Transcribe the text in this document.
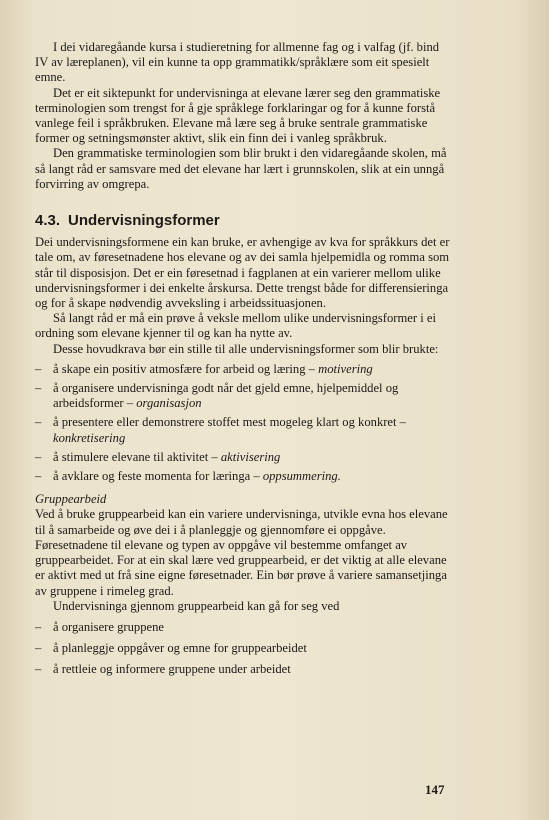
I dei vidaregåande kursa i studieretning for allmenne fag og i valfag (jf. bind IV av læreplanen), vil ein kunne ta opp grammatikk/språklære som eit spesielt emne.

Det er eit siktepunkt for undervisninga at elevane lærer seg den grammatiske terminologien som trengst for å gje språklege forklaringar og for å kunne forstå vanlege feil i språkbruken. Elevane må lære seg å bruke sentrale grammatiske former og setningsmønster aktivt, slik ein finn dei i vanleg språkbruk.

Den grammatiske terminologien som blir brukt i den vidaregåande skolen, må så langt råd er samsvare med det elevane har lært i grunnskolen, slik at ein unngå forvirring av omgrepa.

4.3. Undervisningsformer

Dei undervisningsformene ein kan bruke, er avhengige av kva for språkkurs det er tale om, av føresetnadene hos elevane og av dei samla hjelpemidla og romma som står til disposisjon. Det er ein føresetnad i fagplanen at ein varierer mellom ulike undervisningsformer i dei enkelte årskursa. Dette trengst både for differensieringa og for å skape nødvendig avveksling i arbeidssituasjonen.

Så langt råd er må ein prøve å veksle mellom ulike undervisningsformer i ei ordning som elevane kjenner til og kan ha nytte av.

Desse hovudkrava bør ein stille til alle undervisningsformer som blir brukte:

– å skape ein positiv atmosfære for arbeid og læring – motivering
– å organisere undervisninga godt når det gjeld emne, hjelpemiddel og arbeidsformer – organisasjon
– å presentere eller demonstrere stoffet mest mogeleg klart og konkret – konkretisering
– å stimulere elevane til aktivitet – aktivisering
– å avklare og feste momenta for læringa – oppsummering.

Gruppearbeid

Ved å bruke gruppearbeid kan ein variere undervisninga, utvikle evna hos elevane til å samarbeide og øve dei i å planleggje og gjennomføre ei oppgåve. Føresetnadene til elevane og typen av oppgåve vil bestemme omfanget av gruppearbeidet. For at ein skal lære ved gruppearbeid, er det viktig at alle elevane er aktivt med ut frå sine eigne føresetnader. Ein bør prøve å variere samansetjinga av gruppene i rimeleg grad.

Undervisninga gjennom gruppearbeid kan gå for seg ved

– å organisere gruppene
– å planleggje oppgåver og emne for gruppearbeidet
– å rettleie og informere gruppene under arbeidet
147
